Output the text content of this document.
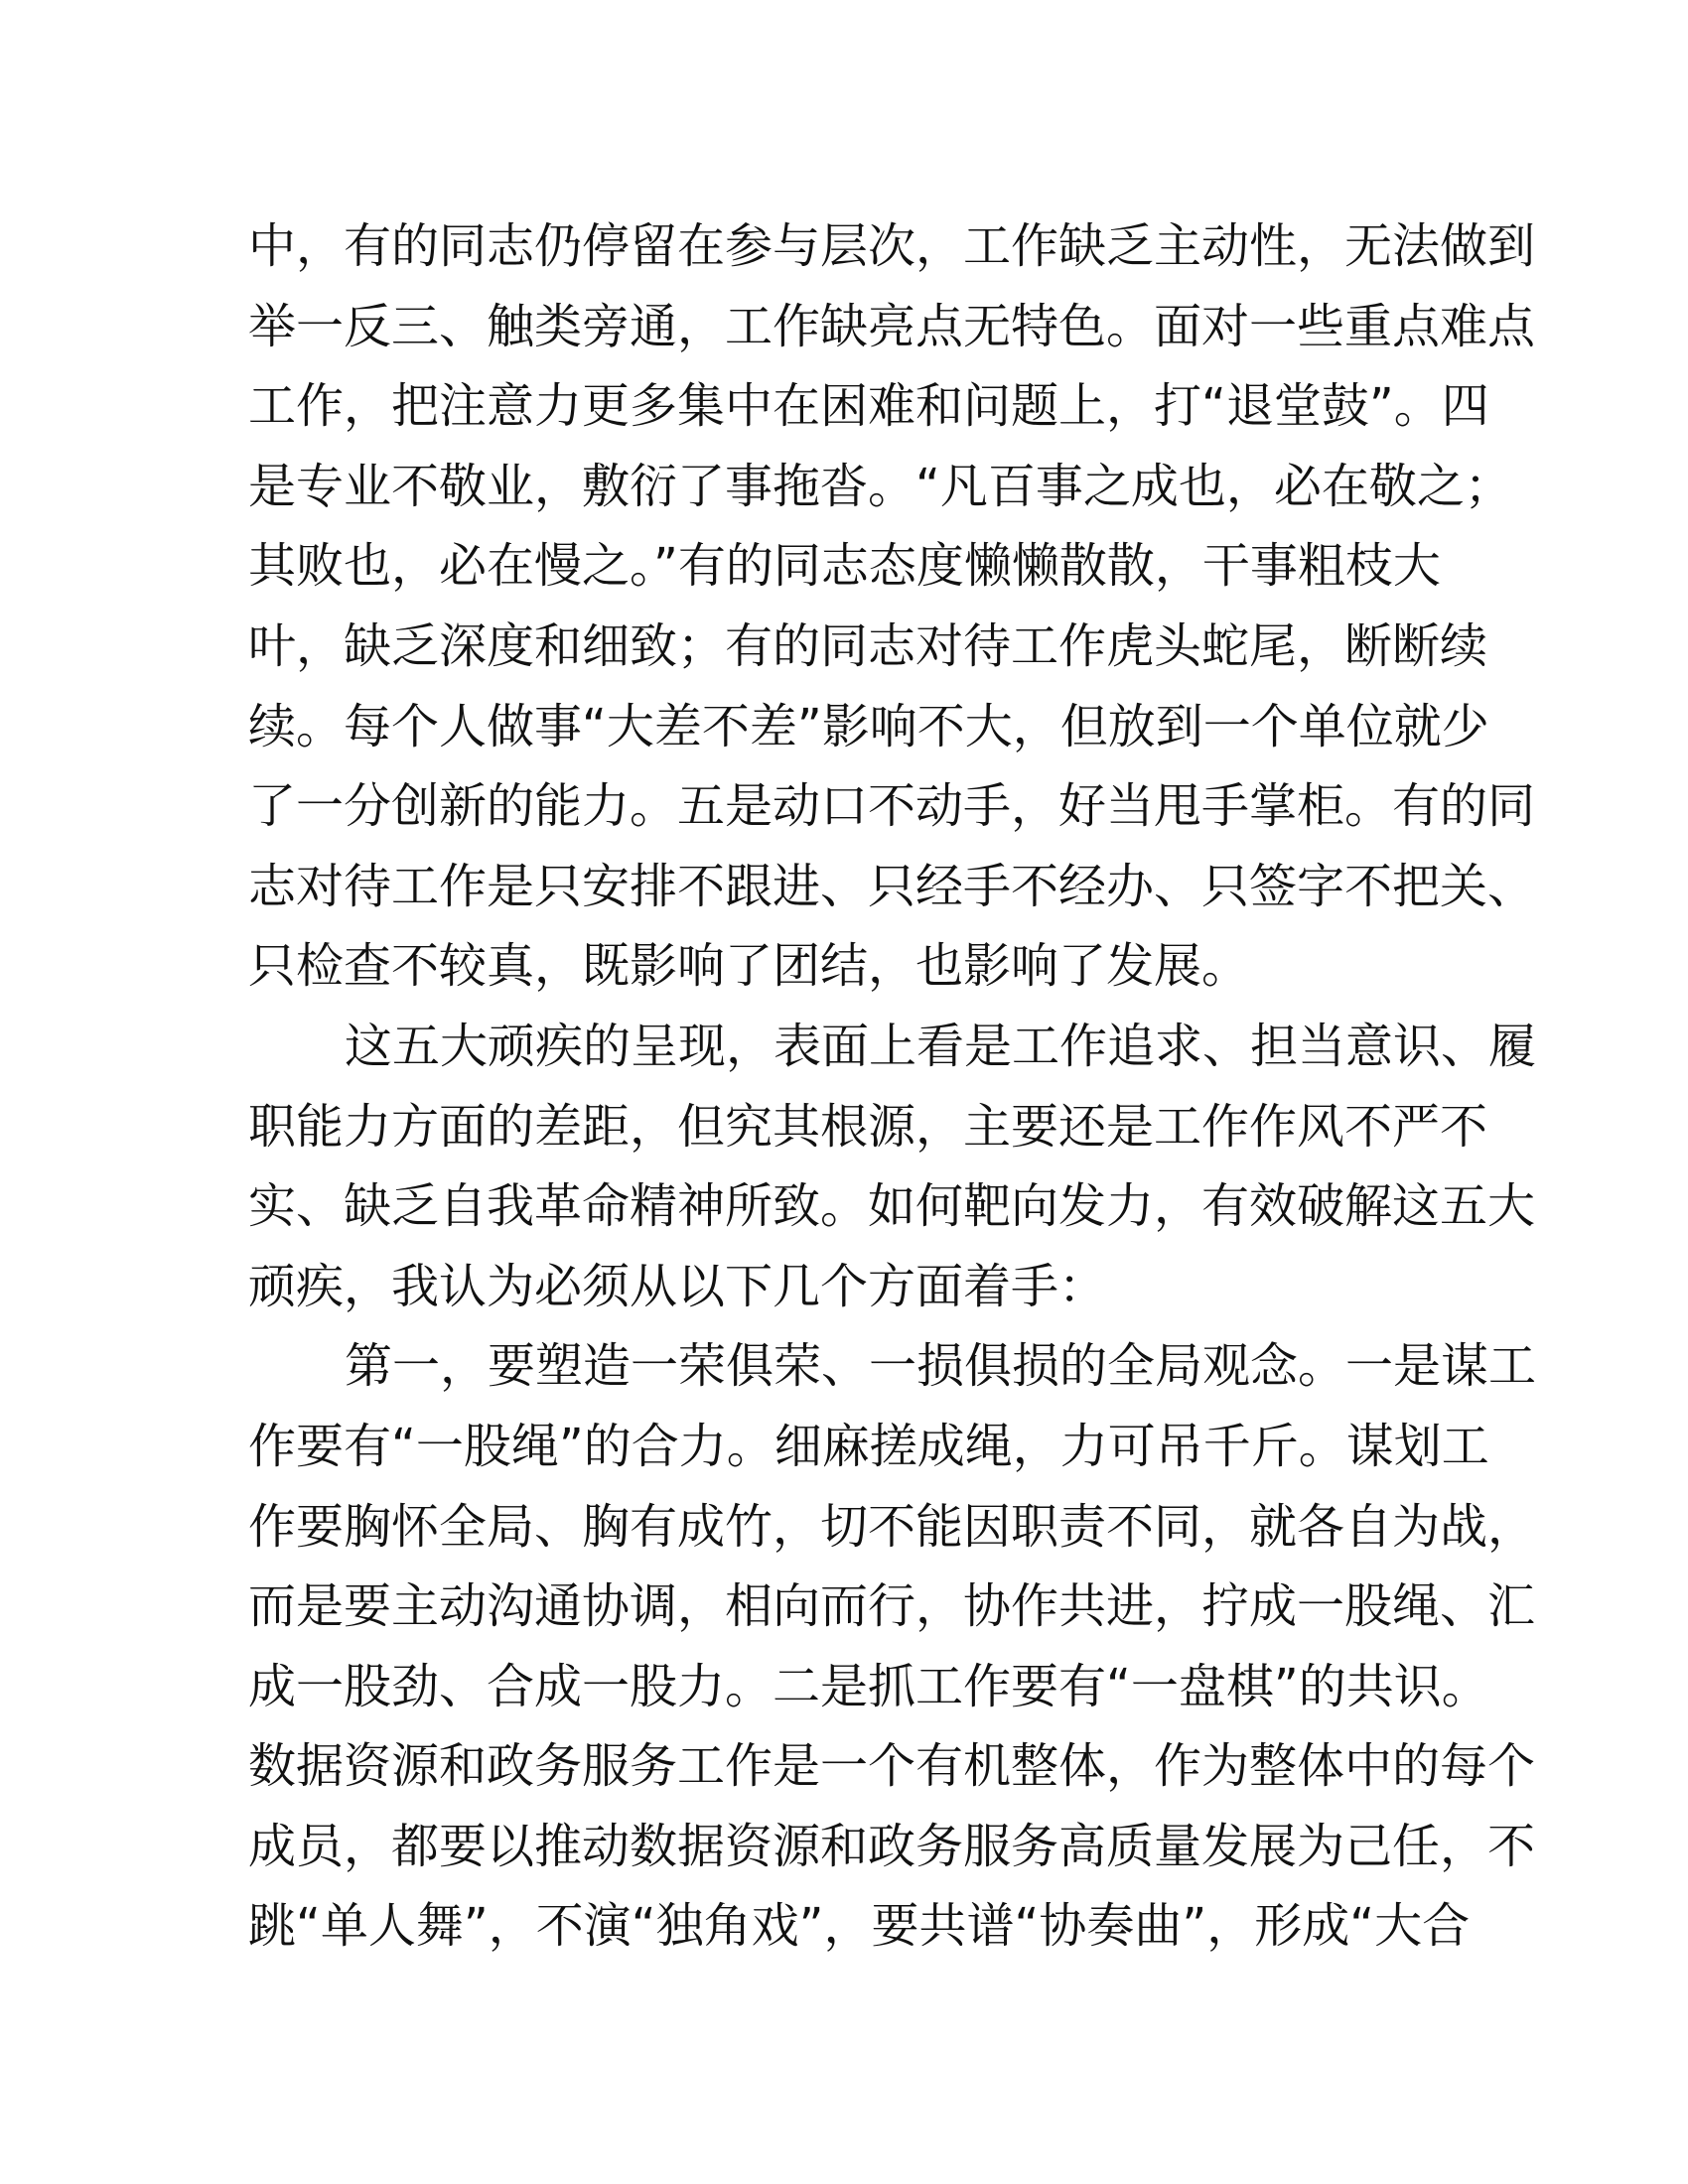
中，有的同志仍停留在参与层次，工作缺乏主动性，无法做到
举一反三、触类旁通，工作缺亮点无特色。面对一些重点难点
工作，把注意力更多集中在困难和问题上，打“退堂鼓”。四
是专业不敬业，敷衍了事拖沓。“凡百事之成也，必在敬之；
其败也，必在慢之。”有的同志态度懒懒散散，干事粗枝大
叶，缺乏深度和细致；有的同志对待工作虎头蛇尾，断断续
续。每个人做事“大差不差”影响不大，但放到一个单位就少
了一分创新的能力。五是动口不动手，好当甩手掌柜。有的同
志对待工作是只安排不跟进、只经手不经办、只签字不把关、
只检查不较真，既影响了团结，也影响了发展。
这五大顽疾的呈现，表面上看是工作追求、担当意识、履
职能力方面的差距，但究其根源，主要还是工作作风不严不
实、缺乏自我革命精神所致。如何靶向发力，有效破解这五大
顽疾，我认为必须从以下几个方面着手：
第一，要塑造一荣俱荣、一损俱损的全局观念。一是谋工
作要有“一股绳”的合力。细麻搓成绳，力可吊千斤。谋划工
作要胸怀全局、胸有成竹，切不能因职责不同，就各自为战，
而是要主动沟通协调，相向而行，协作共进，拧成一股绳、汇
成一股劲、合成一股力。二是抓工作要有“一盘棋”的共识。
数据资源和政务服务工作是一个有机整体，作为整体中的每个
成员，都要以推动数据资源和政务服务高质量发展为己任，不
跳“单人舞”，不演“独角戏”，要共谱“协奏曲”，形成“大合
